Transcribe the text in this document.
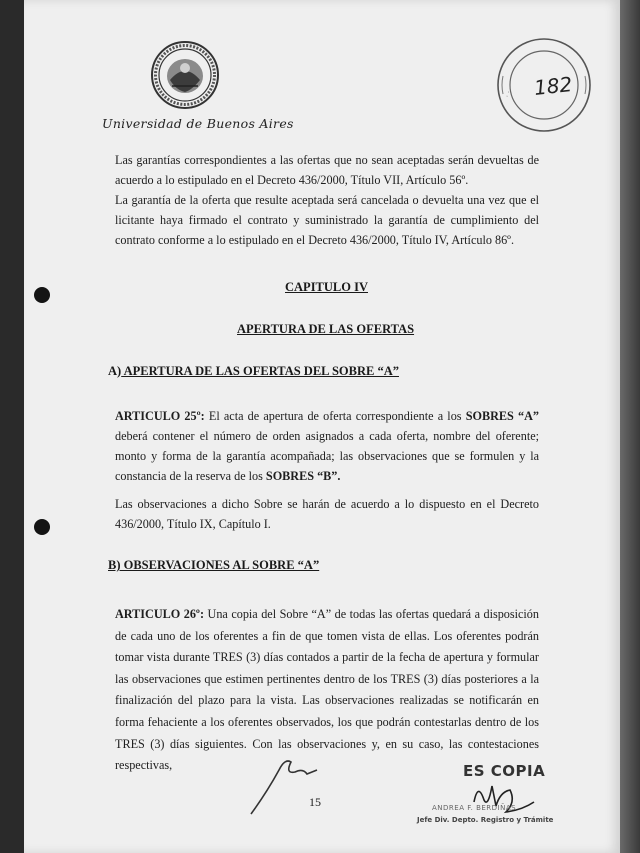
Universidad de Buenos Aires
· · · 182
Las garantías correspondientes a las ofertas que no sean aceptadas serán devueltas de acuerdo a lo estipulado en el Decreto 436/2000, Título VII, Artículo 56º.
La garantía de la oferta que resulte aceptada será cancelada o devuelta una vez que el licitante haya firmado el contrato y suministrado la garantía de cumplimiento del contrato conforme a lo estipulado en el Decreto 436/2000, Título IV, Artículo 86º.
CAPITULO IV
APERTURA DE LAS OFERTAS
A) APERTURA DE LAS OFERTAS DEL SOBRE “A”
ARTICULO 25º: El acta de apertura de oferta correspondiente a los SOBRES “A” deberá contener el número de orden asignados a cada oferta, nombre del oferente; monto y forma de la garantía acompañada; las observaciones que se formulen y la constancia de la reserva de los SOBRES “B”.
Las observaciones a dicho Sobre se harán de acuerdo a lo dispuesto en el Decreto 436/2000, Título IX, Capítulo I.
B) OBSERVACIONES AL SOBRE “A”
ARTICULO 26º: Una copia del Sobre “A” de todas las ofertas quedará a disposición de cada uno de los oferentes a fin de que tomen vista de ellas. Los oferentes podrán tomar vista durante TRES (3) días contados a partir de la fecha de apertura y formular las observaciones que estimen pertinentes dentro de los TRES (3) días posteriores a la finalización del plazo para la vista. Las observaciones realizadas se notificarán en forma fehaciente a los oferentes observados, los que podrán contestarlas dentro de los TRES (3) días siguientes. Con las observaciones y, en su caso, las contestaciones respectivas,
15
ES COPIA
ANDREA F. BERDIÑAS
Jefe Div. Depto. Registro y Trámite
